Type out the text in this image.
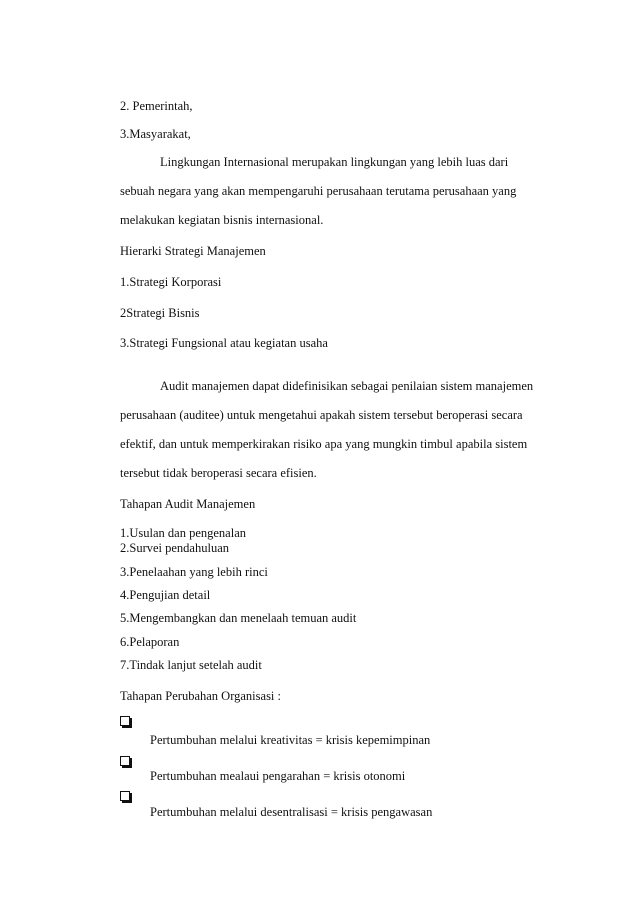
2. Pemerintah,

3.Masyarakat,

Lingkungan Internasional merupakan lingkungan yang lebih luas dari

sebuah negara yang akan mempengaruhi perusahaan terutama perusahaan yang

melakukan kegiatan bisnis internasional.

Hierarki Strategi Manajemen

1.Strategi Korporasi

2Strategi Bisnis

3.Strategi Fungsional atau kegiatan usaha

Audit manajemen dapat didefinisikan sebagai penilaian sistem manajemen

perusahaan (auditee) untuk mengetahui apakah sistem tersebut beroperasi secara

efektif, dan untuk memperkirakan risiko apa yang mungkin timbul apabila sistem

tersebut tidak beroperasi secara efisien.

Tahapan Audit Manajemen

1.Usulan dan pengenalan

2.Survei pendahuluan

3.Penelaahan yang lebih rinci

4.Pengujian detail

5.Mengembangkan dan menelaah temuan audit

6.Pelaporan

7.Tindak lanjut setelah audit

Tahapan Perubahan Organisasi :

Pertumbuhan melalui kreativitas = krisis kepemimpinan

Pertumbuhan mealaui pengarahan = krisis otonomi

Pertumbuhan melalui desentralisasi = krisis pengawasan
